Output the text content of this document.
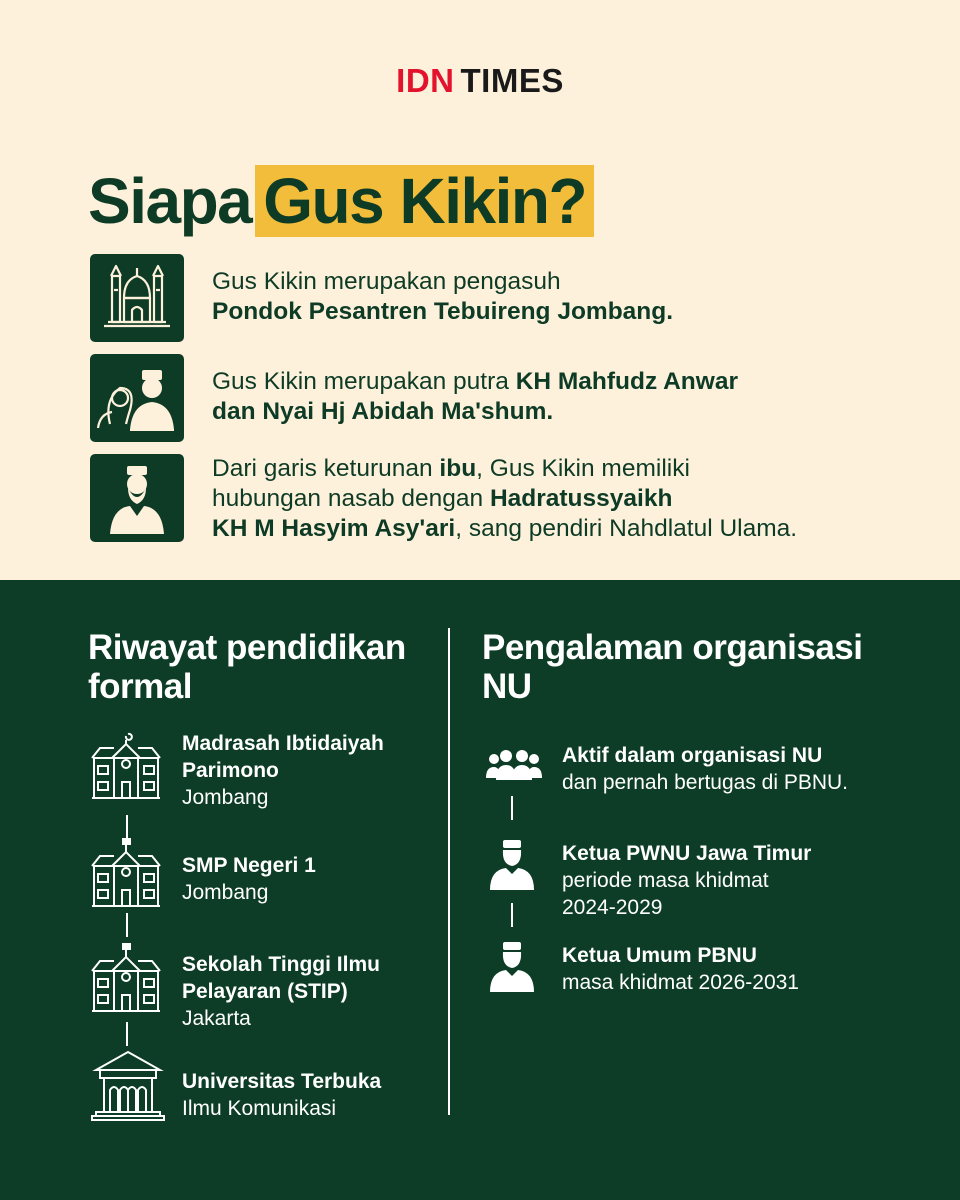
IDN TIMES
Siapa Gus Kikin?
Gus Kikin merupakan pengasuh
Pondok Pesantren Tebuireng Jombang.
Gus Kikin merupakan putra KH Mahfudz Anwar
dan Nyai Hj Abidah Ma'shum.
Dari garis keturunan ibu, Gus Kikin memiliki
hubungan nasab dengan Hadratussyaikh
KH M Hasyim Asy'ari, sang pendiri Nahdlatul Ulama.
Riwayat pendidikan
formal
Pengalaman organisasi
NU
Madrasah Ibtidaiyah
Parimono
Jombang
SMP Negeri 1
Jombang
Sekolah Tinggi Ilmu
Pelayaran (STIP)
Jakarta
Universitas Terbuka
Ilmu Komunikasi
Aktif dalam organisasi NU
dan pernah bertugas di PBNU.
Ketua PWNU Jawa Timur
periode masa khidmat
2024-2029
Ketua Umum PBNU
masa khidmat 2026-2031
